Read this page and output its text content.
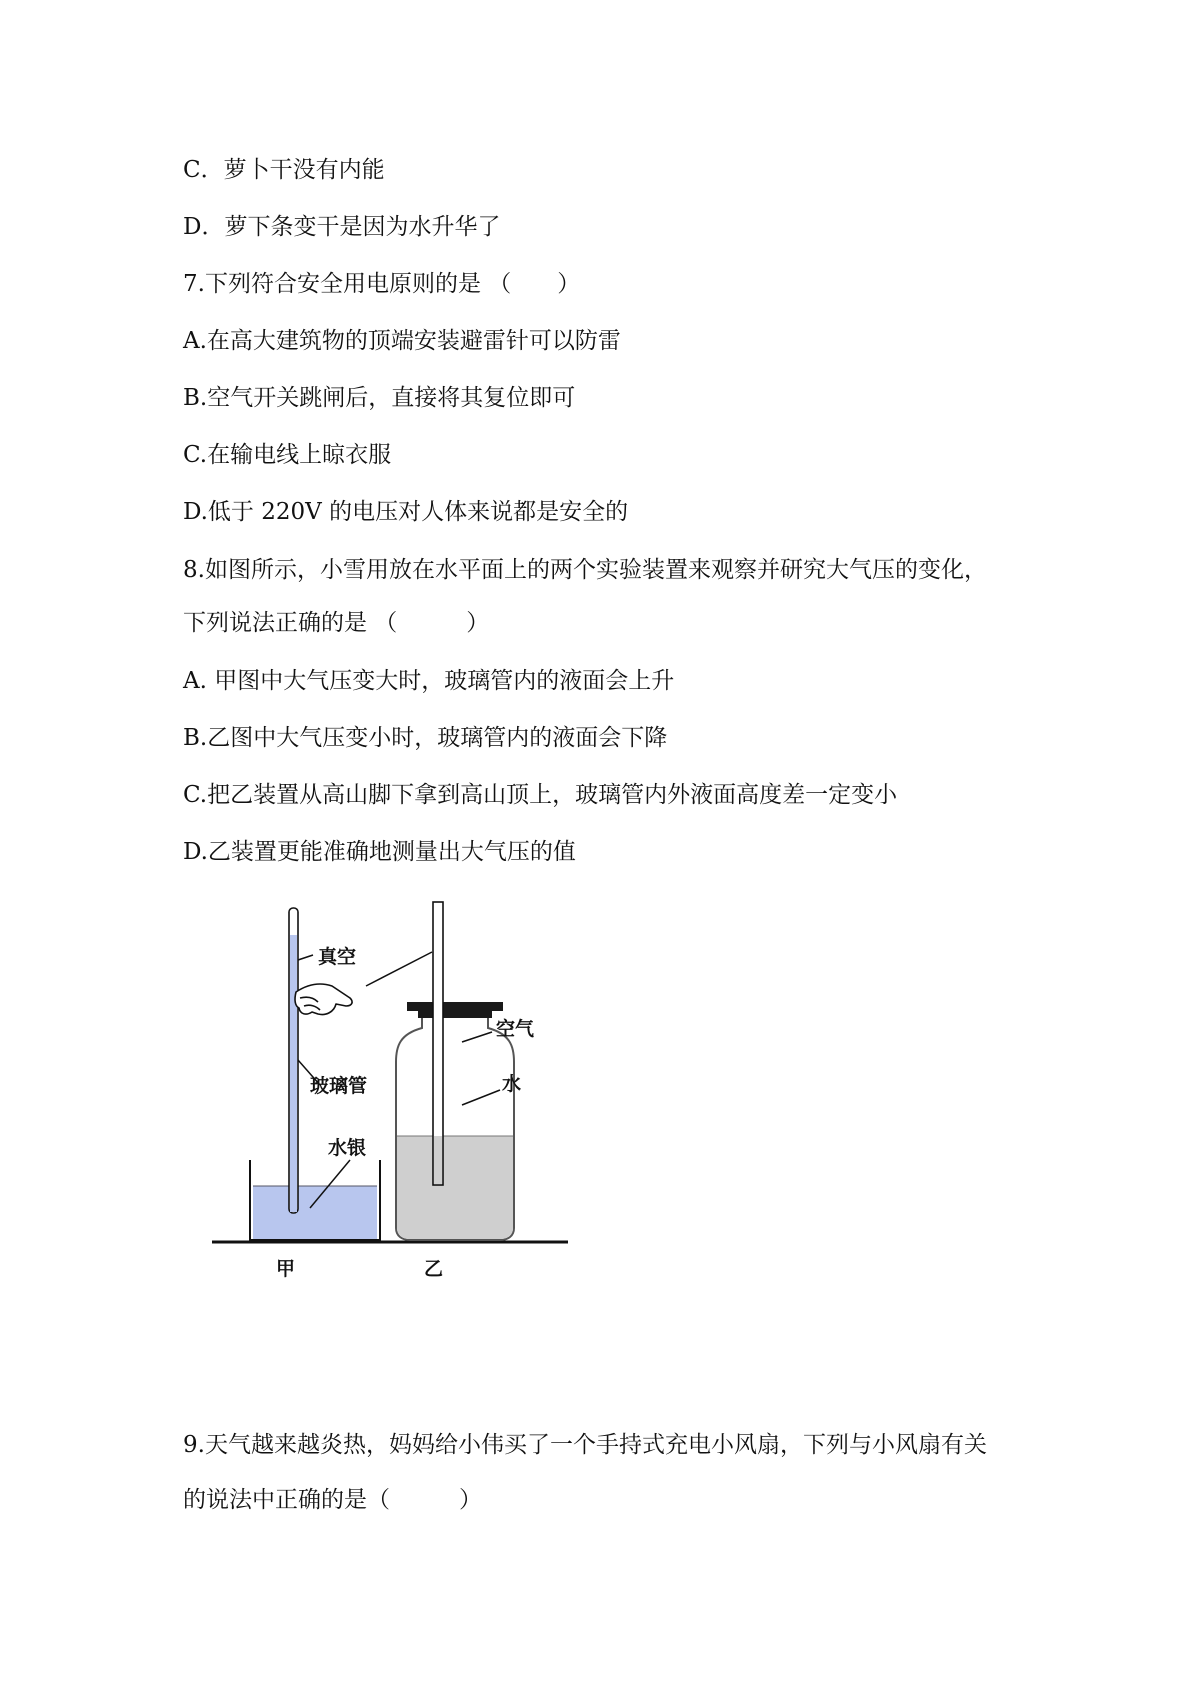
C．萝卜干没有内能
D．萝下条变干是因为水升华了
7.下列符合安全用电原则的是 （　　）
A.在高大建筑物的顶端安装避雷针可以防雷
B.空气开关跳闸后，直接将其复位即可
C.在输电线上晾衣服
D.低于 220V 的电压对人体来说都是安全的
8.如图所示，小雪用放在水平面上的两个实验装置来观察并研究大气压的变化，
下列说法正确的是 （　　　）
A. 甲图中大气压变大时，玻璃管内的液面会上升
B.乙图中大气压变小时，玻璃管内的液面会下降
C.把乙装置从高山脚下拿到高山顶上，玻璃管内外液面高度差一定变小
D.乙装置更能准确地测量出大气压的值
9.天气越来越炎热，妈妈给小伟买了一个手持式充电小风扇，下列与小风扇有关
的说法中正确的是（　　　）
真空
玻璃管
水银
空气
水
甲	乙
